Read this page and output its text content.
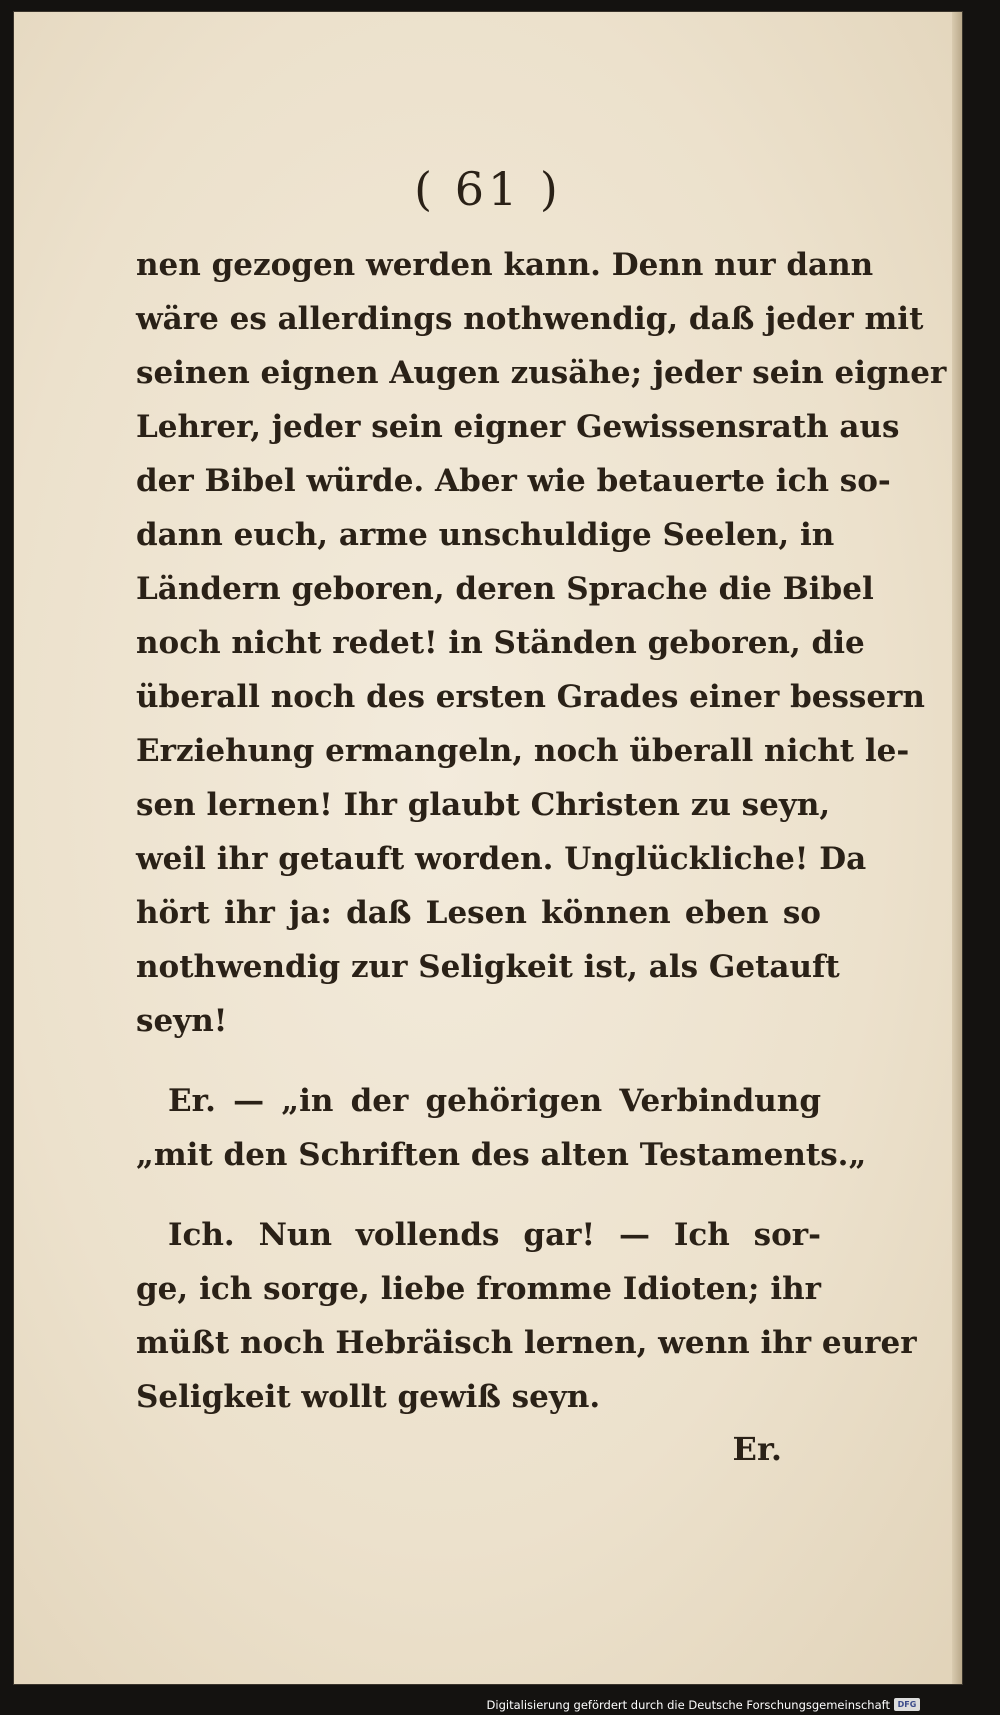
( 61 )
nen gezogen werden kann. Denn nur dann
wäre es allerdings nothwendig, daß jeder mit
seinen eignen Augen zusähe; jeder sein eigner
Lehrer, jeder sein eigner Gewissensrath aus
der Bibel würde. Aber wie betauerte ich so-
dann euch, arme unschuldige Seelen, in
Ländern geboren, deren Sprache die Bibel
noch nicht redet! in Ständen geboren, die
überall noch des ersten Grades einer bessern
Erziehung ermangeln, noch überall nicht le-
sen lernen! Ihr glaubt Christen zu seyn,
weil ihr getauft worden. Unglückliche! Da
hört ihr ja: daß Lesen können eben so
nothwendig zur Seligkeit ist, als Getauft
seyn!
Er. — „in der gehörigen Verbindung
„mit den Schriften des alten Testaments.„
Ich. Nun vollends gar! — Ich sor-
ge, ich sorge, liebe fromme Idioten; ihr
müßt noch Hebräisch lernen, wenn ihr eurer
Seligkeit wollt gewiß seyn.
Er.
Digitalisierung gefördert durch die Deutsche Forschungsgemeinschaft DFG
